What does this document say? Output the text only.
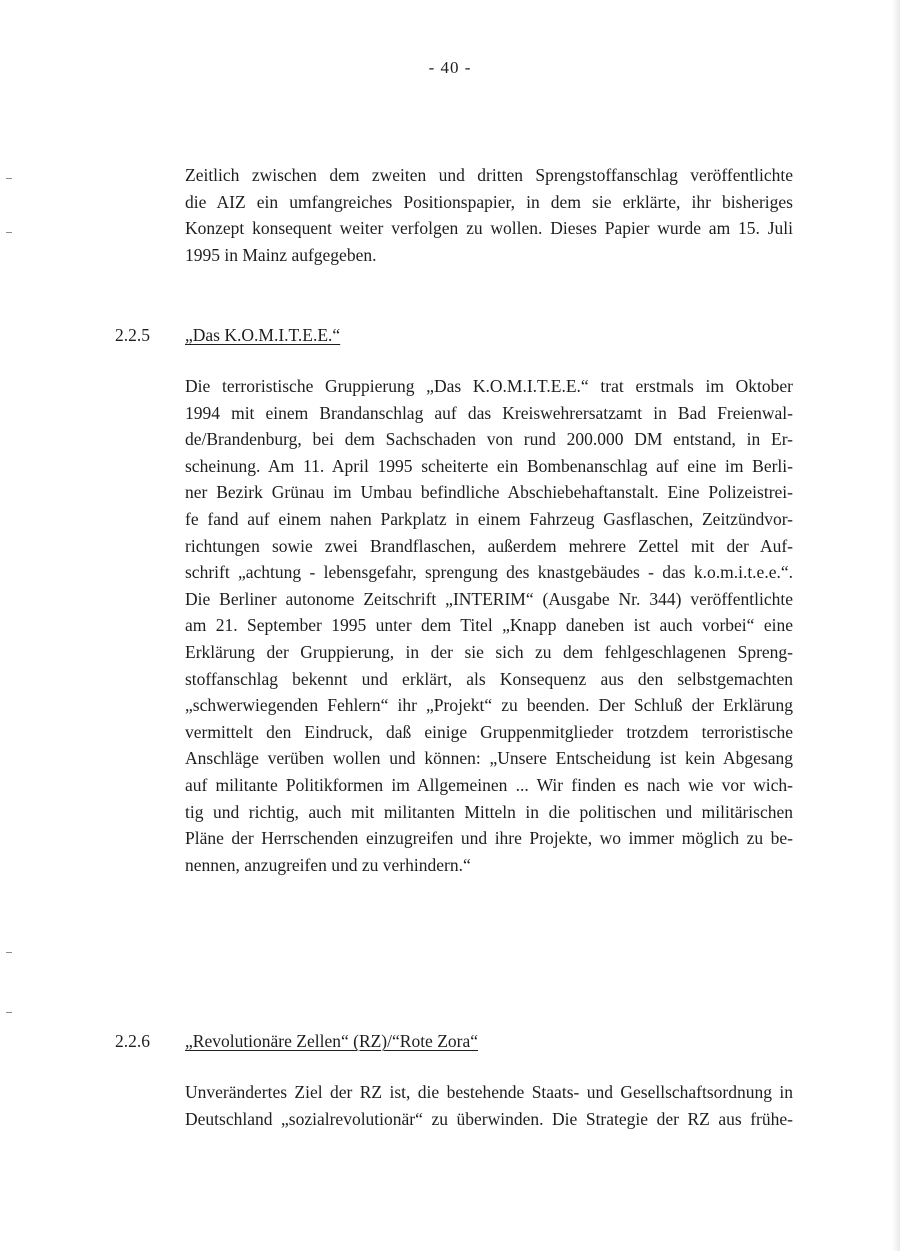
- 40 -

Zeitlich zwischen dem zweiten und dritten Sprengstoffanschlag veröffentlichte
die AIZ ein umfangreiches Positionspapier, in dem sie erklärte, ihr bisheriges
Konzept konsequent weiter verfolgen zu wollen. Dieses Papier wurde am 15. Juli
1995 in Mainz aufgegeben.

2.2.5 „Das K.O.M.I.T.E.E.“

Die terroristische Gruppierung „Das K.O.M.I.T.E.E.“ trat erstmals im Oktober
1994 mit einem Brandanschlag auf das Kreiswehrersatzamt in Bad Freienwal-
de/Brandenburg, bei dem Sachschaden von rund 200.000 DM entstand, in Er-
scheinung. Am 11. April 1995 scheiterte ein Bombenanschlag auf eine im Berli-
ner Bezirk Grünau im Umbau befindliche Abschiebehaftanstalt. Eine Polizeistrei-
fe fand auf einem nahen Parkplatz in einem Fahrzeug Gasflaschen, Zeitzündvor-
richtungen sowie zwei Brandflaschen, außerdem mehrere Zettel mit der Auf-
schrift „achtung - lebensgefahr, sprengung des knastgebäudes - das k.o.m.i.t.e.e.“.
Die Berliner autonome Zeitschrift „INTERIM“ (Ausgabe Nr. 344) veröffentlichte
am 21. September 1995 unter dem Titel „Knapp daneben ist auch vorbei“ eine
Erklärung der Gruppierung, in der sie sich zu dem fehlgeschlagenen Spreng-
stoffanschlag bekennt und erklärt, als Konsequenz aus den selbstgemachten
„schwerwiegenden Fehlern“ ihr „Projekt“ zu beenden. Der Schluß der Erklärung
vermittelt den Eindruck, daß einige Gruppenmitglieder trotzdem terroristische
Anschläge verüben wollen und können: „Unsere Entscheidung ist kein Abgesang
auf militante Politikformen im Allgemeinen ... Wir finden es nach wie vor wich-
tig und richtig, auch mit militanten Mitteln in die politischen und militärischen
Pläne der Herrschenden einzugreifen und ihre Projekte, wo immer möglich zu be-
nennen, anzugreifen und zu verhindern.“

2.2.6 „Revolutionäre Zellen“ (RZ)/“Rote Zora“

Unverändertes Ziel der RZ ist, die bestehende Staats- und Gesellschaftsordnung in
Deutschland „sozialrevolutionär“ zu überwinden. Die Strategie der RZ aus frühe-
